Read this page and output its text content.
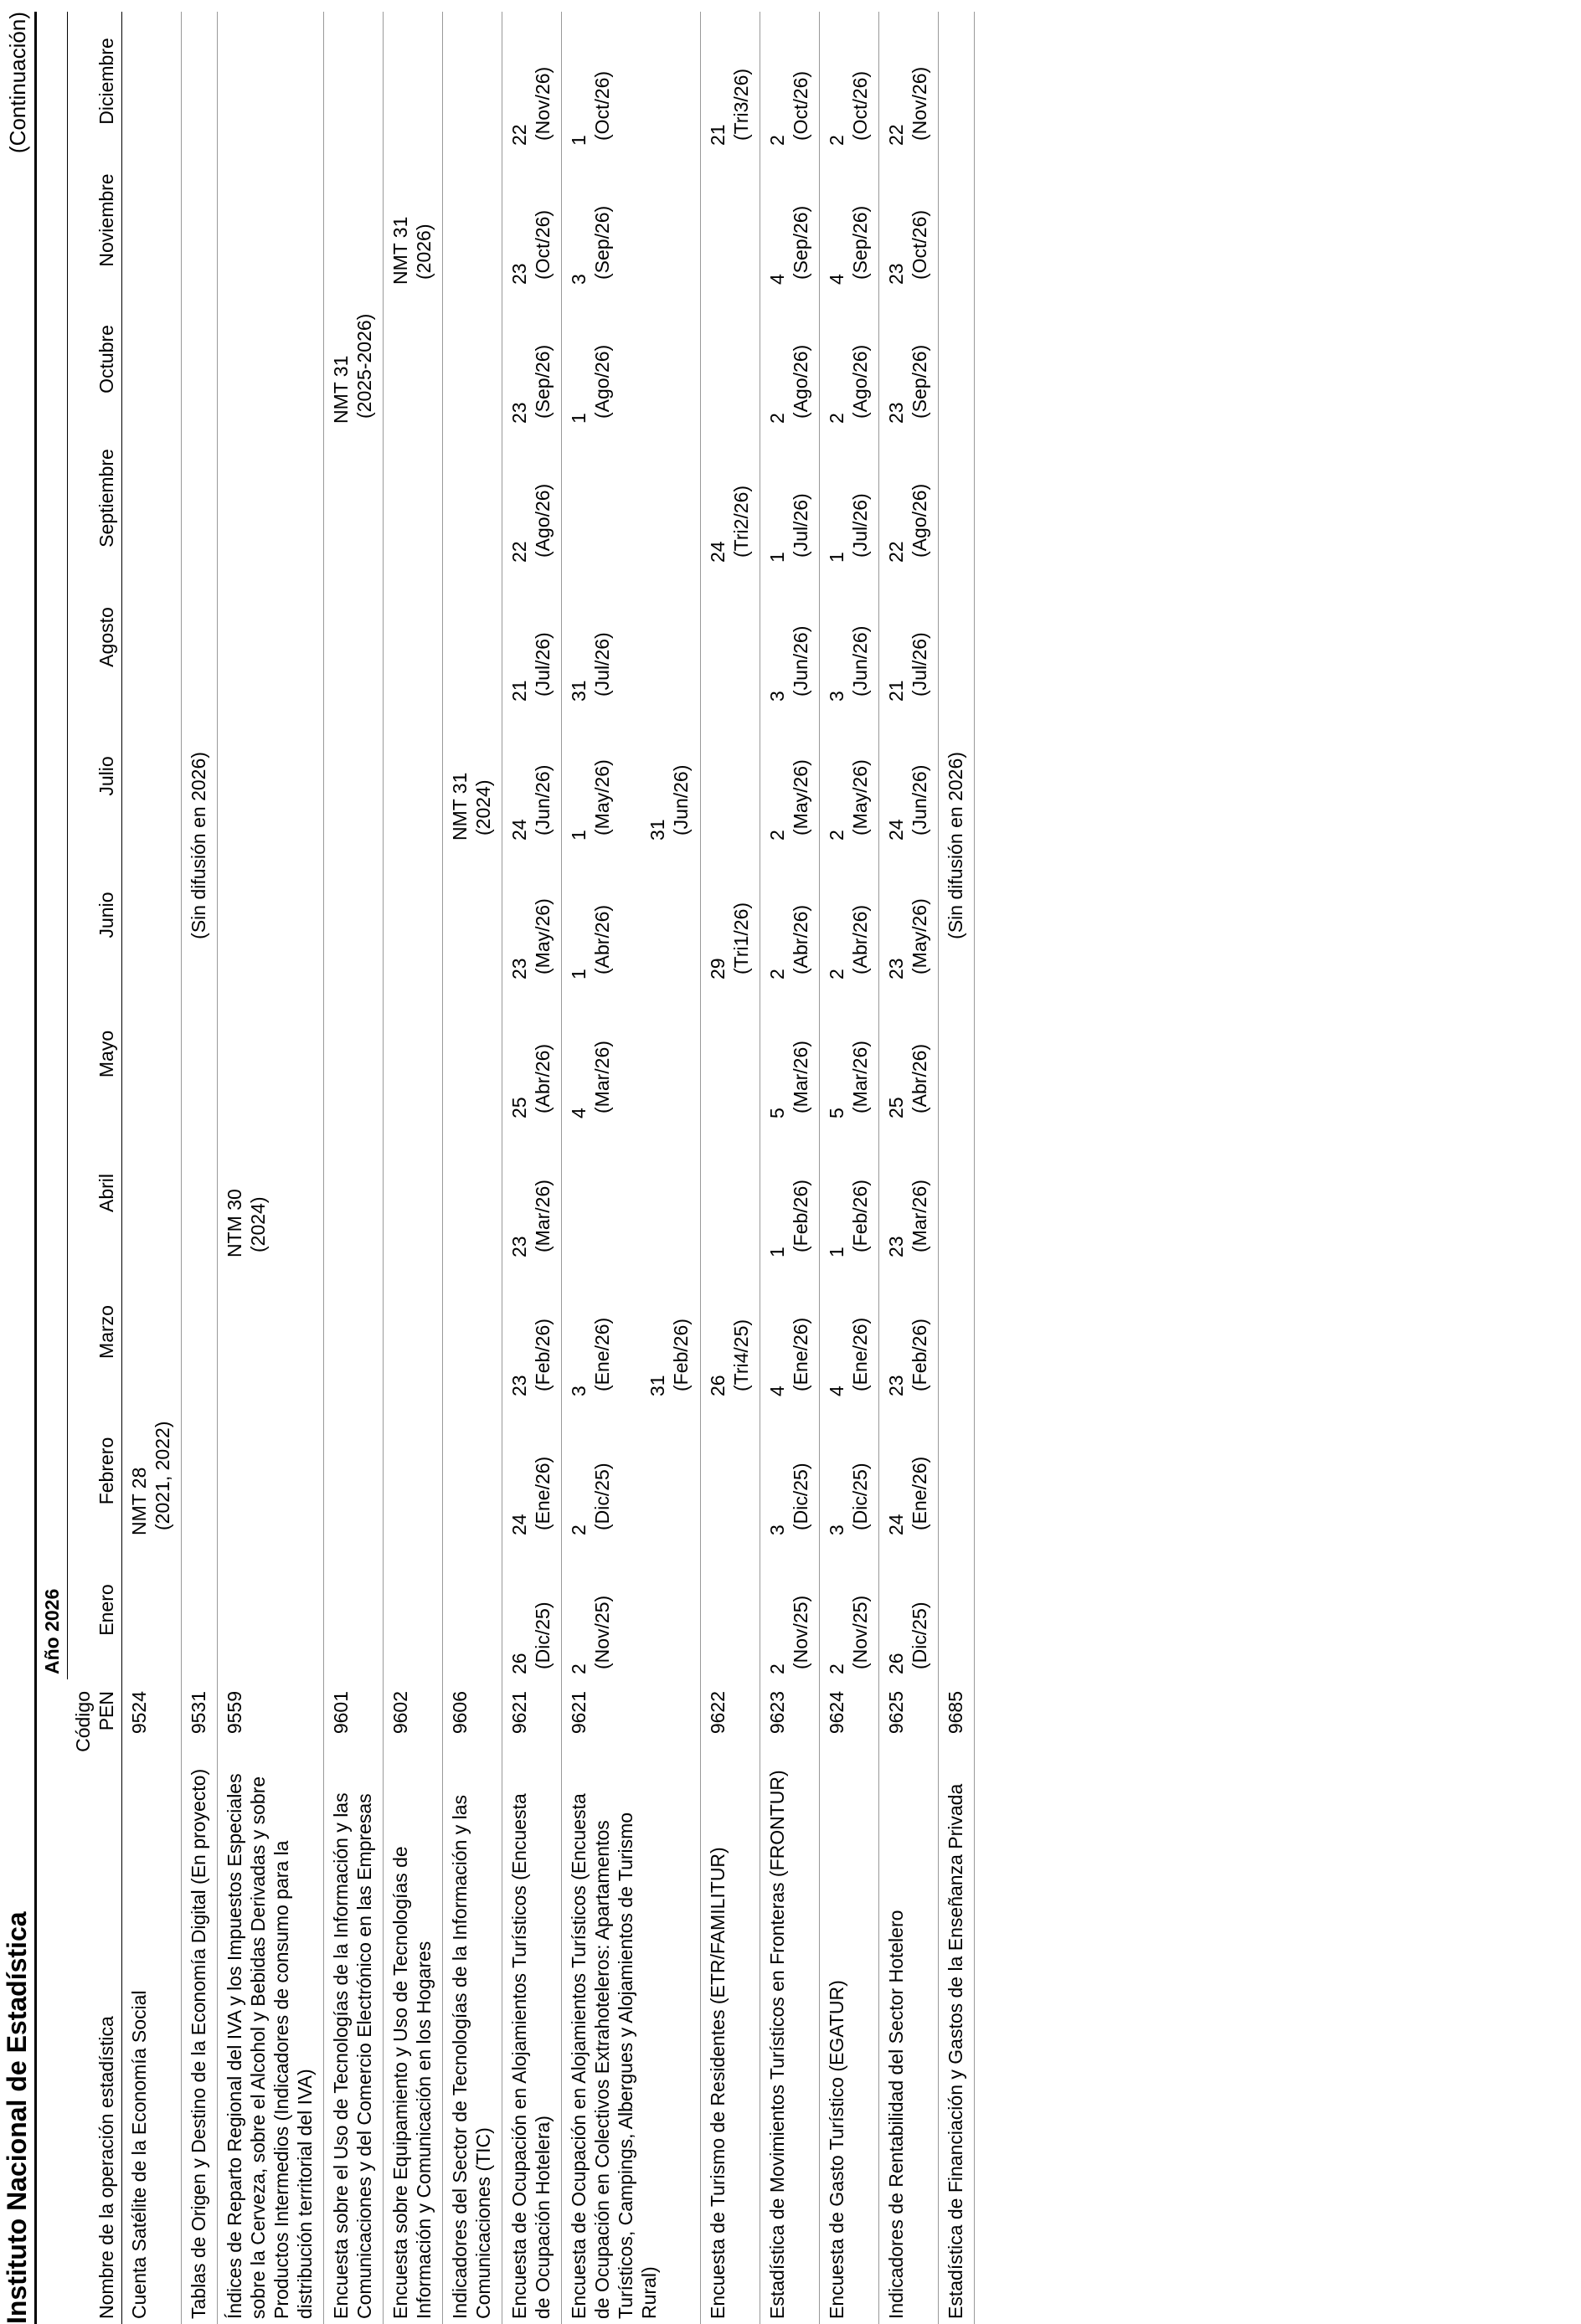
Instituto Nacional de Estadística
(Continuación)
		Año 2026											
Nombre de la operación estadística	Código PEN	Enero	Febrero	Marzo	Abril	Mayo	Junio	Julio	Agosto	Septiembre	Octubre	Noviembre	Diciembre
Cuenta Satélite de la Economía Social	9524		NMT 28 (2021, 2022)										

Tablas de Origen y Destino de la Economía Digital (En proyecto)	9531	(Sin difusión en 2026)											
Índices de Reparto Regional del IVA y los Impuestos Especiales sobre la Cerveza, sobre el Alcohol y Bebidas Derivadas y sobre Productos Intermedios (Indicadores de consumo para la distribución territorial del IVA)	9559				NTM 30 (2024)								

Encuesta sobre el Uso de Tecnologías de la Información y las Comunicaciones y del Comercio Electrónico en las Empresas	9601										NMT 31 (2025-2026)		

Encuesta sobre Equipamiento y Uso de Tecnologías de Información y Comunicación en los Hogares	9602											NMT 31 (2026)	

Indicadores del Sector de Tecnologías de la Información y las Comunicaciones (TIC)	9606							NMT 31 (2024)					

Encuesta de Ocupación en Alojamientos Turísticos (Encuesta de Ocupación Hotelera)	9621	26 (Dic/25)	24 (Ene/26)	23 (Feb/26)	23 (Mar/26)	25 (Abr/26)	23 (May/26)	24 (Jun/26)	21 (Jul/26)	22 (Ago/26)	23 (Sep/26)	23 (Oct/26)	22 (Nov/26)

Encuesta de Ocupación en Alojamientos Turísticos (Encuesta de Ocupación en Colectivos Extrahoteleros: Apartamentos Turísticos, Campings, Albergues y Alojamientos de Turismo Rural)	9621	2 (Nov/25)	2 (Dic/25)	3 (Ene/26) 31 (Feb/26)		4 (Mar/26)	1 (Abr/26)	1 (May/26) 31 (Jun/26)	31 (Jul/26)		1 (Ago/26)	3 (Sep/26)	1 (Oct/26)

Encuesta de Turismo de Residentes (ETR/FAMILITUR)	9622			26 (Tri4/25)			29 (Tri1/26)			24 (Tri2/26)			21 (Tri3/26)

Estadística de Movimientos Turísticos en Fronteras (FRONTUR)	9623	2 (Nov/25)	3 (Dic/25)	4 (Ene/26)	1 (Feb/26)	5 (Mar/26)	2 (Abr/26)	2 (May/26)	3 (Jun/26)	1 (Jul/26)	2 (Ago/26)	4 (Sep/26)	2 (Oct/26)

Encuesta de Gasto Turístico (EGATUR)	9624	2 (Nov/25)	3 (Dic/25)	4 (Ene/26)	1 (Feb/26)	5 (Mar/26)	2 (Abr/26)	2 (May/26)	3 (Jun/26)	1 (Jul/26)	2 (Ago/26)	4 (Sep/26)	2 (Oct/26)

Indicadores de Rentabilidad del Sector Hotelero	9625	26 (Dic/25)	24 (Ene/26)	23 (Feb/26)	23 (Mar/26)	25 (Abr/26)	23 (May/26)	24 (Jun/26)	21 (Jul/26)	22 (Ago/26)	23 (Sep/26)	23 (Oct/26)	22 (Nov/26)

Estadística de Financiación y Gastos de la Enseñanza Privada	9685	(Sin difusión en 2026)											
